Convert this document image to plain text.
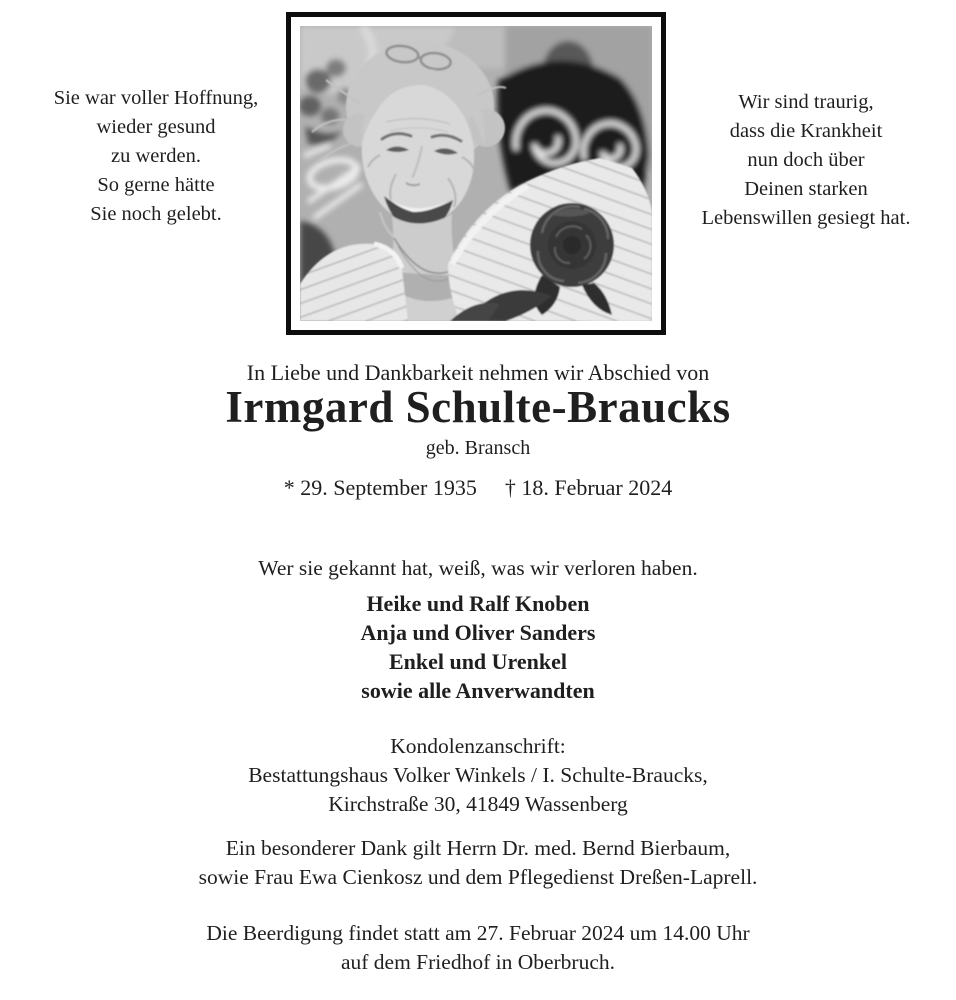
Sie war voller Hoffnung,
wieder gesund
zu werden.
So gerne hätte
Sie noch gelebt.
Wir sind traurig,
dass die Krankheit
nun doch über
Deinen starken
Lebenswillen gesiegt hat.
In Liebe und Dankbarkeit nehmen wir Abschied von
Irmgard Schulte-Braucks
geb. Bransch
* 29. September 1935 † 18. Februar 2024
Wer sie gekannt hat, weiß, was wir verloren haben.
Heike und Ralf Knoben
Anja und Oliver Sanders
Enkel und Urenkel
sowie alle Anverwandten
Kondolenzanschrift:
Bestattungshaus Volker Winkels / I. Schulte-Braucks,
Kirchstraße 30, 41849 Wassenberg
Ein besonderer Dank gilt Herrn Dr. med. Bernd Bierbaum,
sowie Frau Ewa Cienkosz und dem Pflegedienst Dreßen-Laprell.
Die Beerdigung findet statt am 27. Februar 2024 um 14.00 Uhr
auf dem Friedhof in Oberbruch.
